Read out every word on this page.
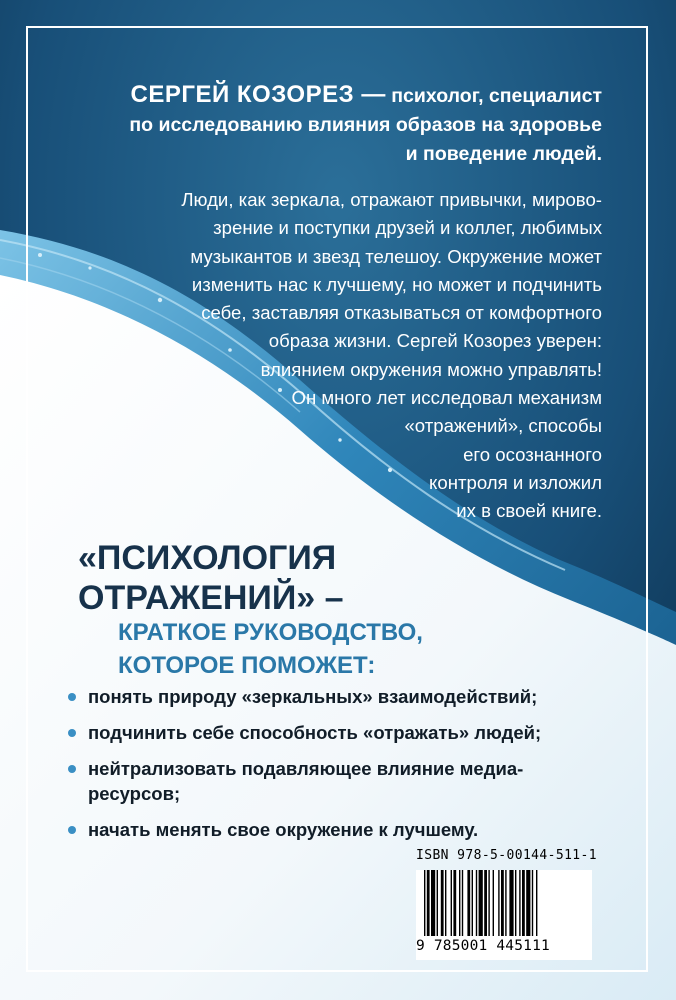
СЕРГЕЙ КОЗОРЕЗ — психолог, специалист
по исследованию влияния образов на здоровье
и поведение людей.
Люди, как зеркала, отражают привычки, мирово-
зрение и поступки друзей и коллег, любимых
музыкантов и звезд телешоу. Окружение может
изменить нас к лучшему, но может и подчинить
себе, заставляя отказываться от комфортного
образа жизни. Сергей Козорез уверен:
влиянием окружения можно управлять!
Он много лет исследовал механизм
«отражений», способы
его осознанного
контроля и изложил
их в своей книге.
«ПСИХОЛОГИЯ
ОТРАЖЕНИЙ» –
КРАТКОЕ РУКОВОДСТВО,
КОТОРОЕ ПОМОЖЕТ:
понять природу «зеркальных» взаимодействий;
подчинить себе способность «отражать» людей;
нейтрализовать подавляющее влияние медиа-
ресурсов;
начать менять свое окружение к лучшему.
ISBN 978-5-00144-511-1
9 785001 445111
